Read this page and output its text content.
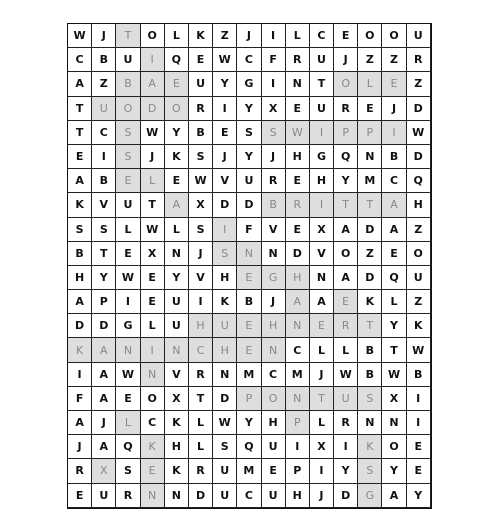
W	J	T	O	L	K	Z	J	I	L	C	E	O	O	U
C	B	U	I	Q	E	W	C	F	R	U	J	Z	Z	R
A	Z	B	A	E	U	Y	G	I	N	T	O	L	E	Z
T	U	O	D	O	R	I	Y	X	E	U	R	E	J	D
T	C	S	W	Y	B	E	S	S	W	I	P	P	I	W
E	I	S	J	K	S	J	Y	J	H	G	Q	N	B	D
A	B	E	L	E	W	V	U	R	E	H	Y	M	C	Q
K	V	U	T	A	X	D	D	B	R	I	T	T	A	H
S	S	L	W	L	S	I	F	V	E	X	A	D	A	Z
B	T	E	X	N	J	S	N	N	D	V	O	Z	E	O
H	Y	W	E	Y	V	H	E	G	H	N	A	D	Q	U
A	P	I	E	U	I	K	B	J	A	A	E	K	L	Z
D	D	G	L	U	H	U	E	H	N	E	R	T	Y	K
K	A	N	I	N	C	H	E	N	C	L	L	B	T	W
I	A	W	N	V	R	N	M	C	M	J	W	B	W	B
F	A	E	O	X	T	D	P	O	N	T	U	S	X	I
A	J	L	C	K	L	W	Y	H	P	L	R	N	N	I
J	A	Q	K	H	L	S	Q	U	I	X	I	K	O	E
R	X	S	E	K	R	U	M	E	P	I	Y	S	Y	E
E	U	R	N	N	D	U	C	U	H	J	D	G	A	Y
